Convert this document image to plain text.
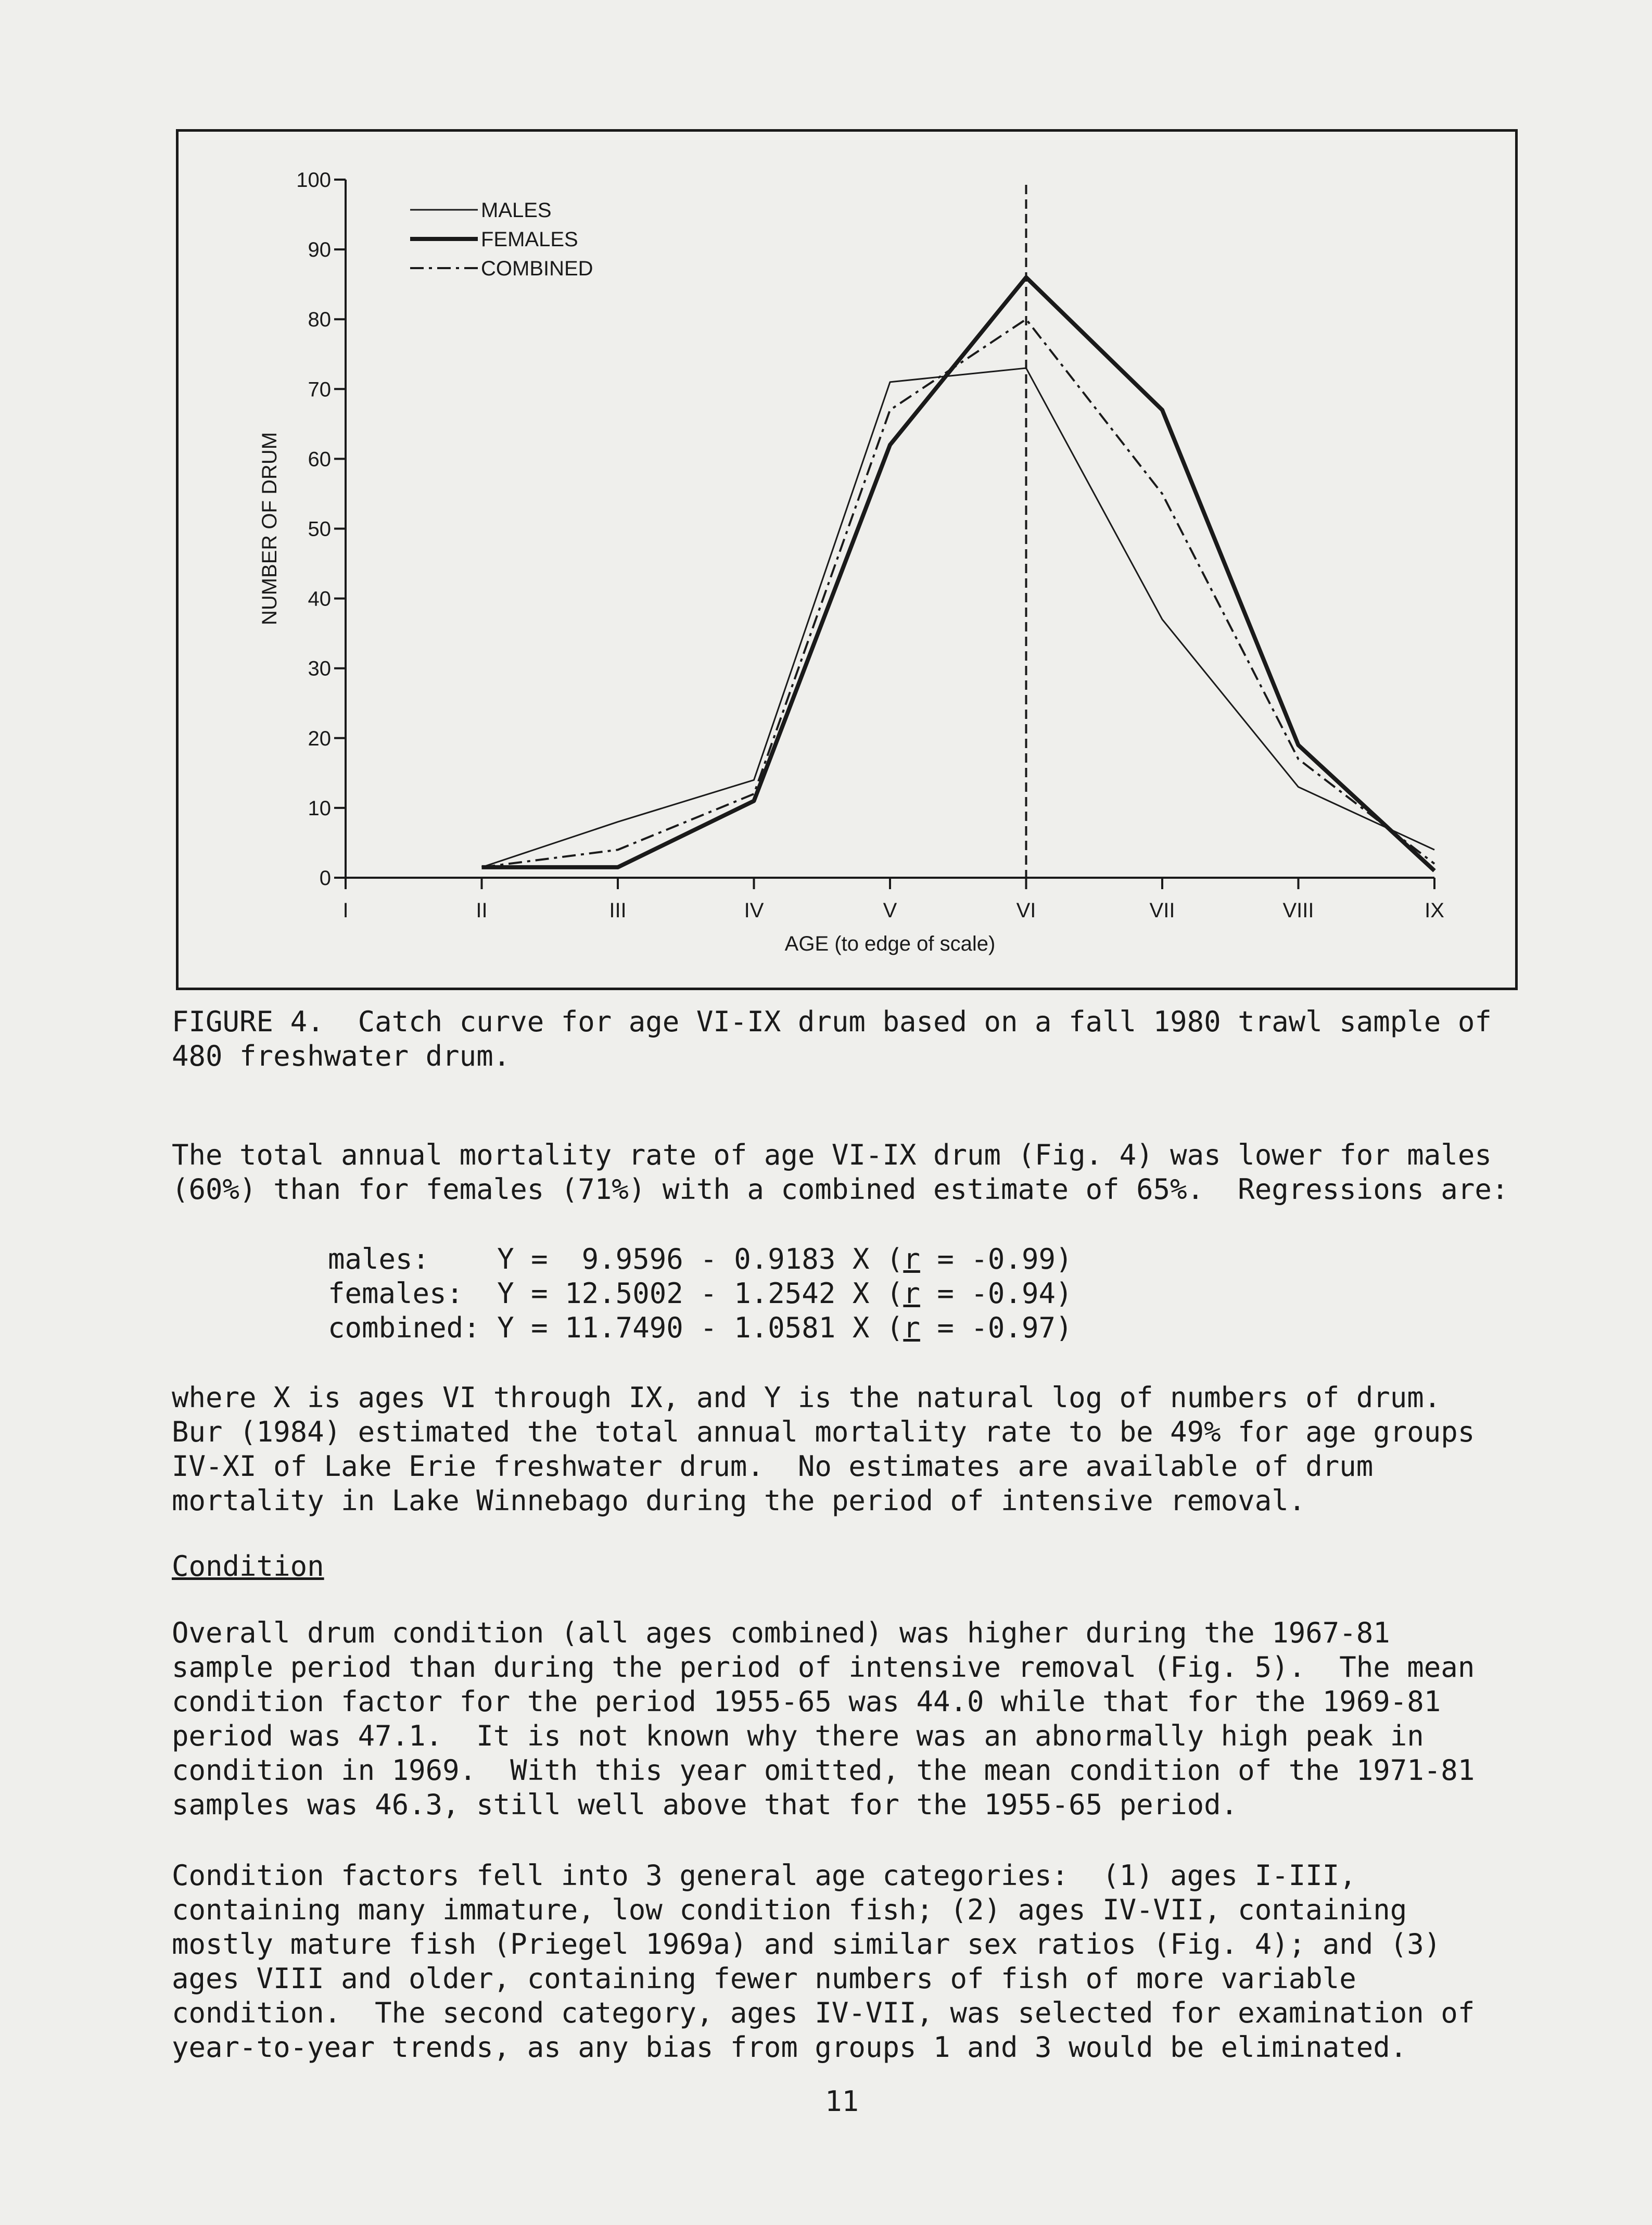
0
10
20
30
40
50
60
70
80
90
100
I	II	III	IV	V	VI	VII	VIII	IX
AGE (to edge of scale)
NUMBER OF DRUM
MALES
FEMALES
COMBINED
FIGURE 4.  Catch curve for age VI-IX drum based on a fall 1980 trawl sample of
480 freshwater drum.
The total annual mortality rate of age VI-IX drum (Fig. 4) was lower for males
(60%) than for females (71%) with a combined estimate of 65%.  Regressions are:
males:    Y =  9.9596 - 0.9183 X (r = -0.99)
females:  Y = 12.5002 - 1.2542 X (r = -0.94)
combined: Y = 11.7490 - 1.0581 X (r = -0.97)
where X is ages VI through IX, and Y is the natural log of numbers of drum.
Bur (1984) estimated the total annual mortality rate to be 49% for age groups
IV-XI of Lake Erie freshwater drum.  No estimates are available of drum
mortality in Lake Winnebago during the period of intensive removal.
Condition
Overall drum condition (all ages combined) was higher during the 1967-81
sample period than during the period of intensive removal (Fig. 5).  The mean
condition factor for the period 1955-65 was 44.0 while that for the 1969-81
period was 47.1.  It is not known why there was an abnormally high peak in
condition in 1969.  With this year omitted, the mean condition of the 1971-81
samples was 46.3, still well above that for the 1955-65 period.
Condition factors fell into 3 general age categories:  (1) ages I-III,
containing many immature, low condition fish; (2) ages IV-VII, containing
mostly mature fish (Priegel 1969a) and similar sex ratios (Fig. 4); and (3)
ages VIII and older, containing fewer numbers of fish of more variable
condition.  The second category, ages IV-VII, was selected for examination of
year-to-year trends, as any bias from groups 1 and 3 would be eliminated.
11
